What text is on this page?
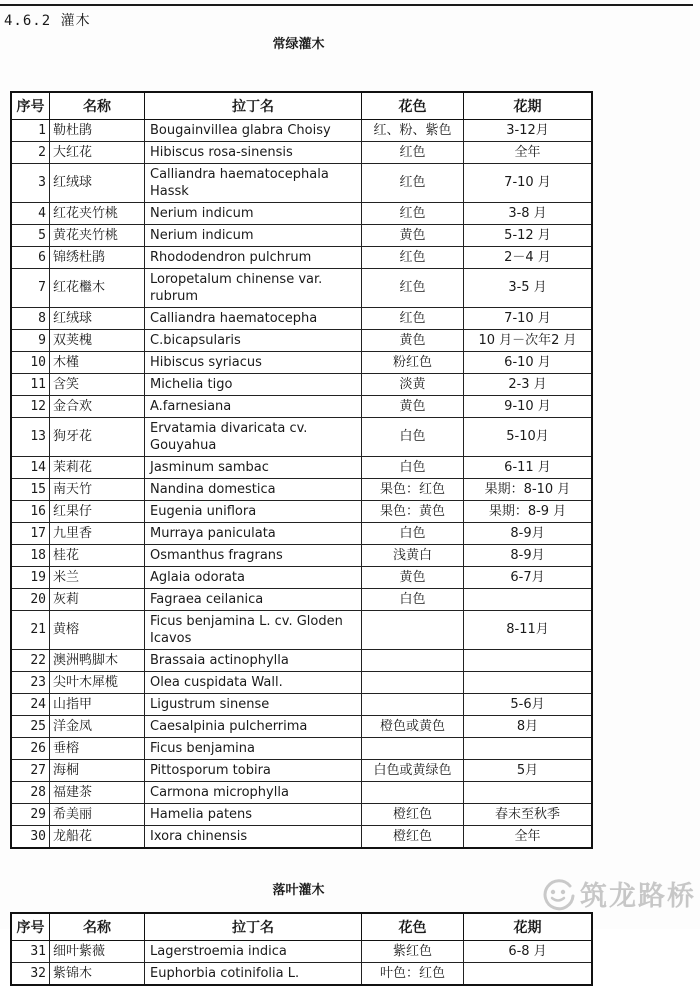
4.6.2 灌木
常绿灌木
序号	名称	拉丁名	花色	花期
1	勒杜鹃	Bougainvillea glabra Choisy	红、粉、紫色	3-12月
2	大红花	Hibiscus rosa-sinensis	红色	全年
3	红绒球	Calliandra haematocephala Hassk	红色	7-10 月
4	红花夹竹桃	Nerium indicum	红色	3-8 月
5	黄花夹竹桃	Nerium indicum	黄色	5-12 月
6	锦绣杜鹃	Rhododendron pulchrum	红色	2－4 月
7	红花檵木	Loropetalum chinense var. rubrum	红色	3-5 月
8	红绒球	Calliandra haematocepha	红色	7-10 月
9	双荚槐	C.bicapsularis	黄色	10 月－次年2 月
10	木槿	Hibiscus syriacus	粉红色	6-10 月
11	含笑	Michelia tigo	淡黄	2-3 月
12	金合欢	A.farnesiana	黄色	9-10 月
13	狗牙花	Ervatamia divaricata cv. Gouyahua	白色	5-10月
14	茉莉花	Jasminum sambac	白色	6-11 月
15	南天竹	Nandina domestica	果色：红色	果期：8-10 月
16	红果仔	Eugenia uniflora	果色：黄色	果期：8-9 月
17	九里香	Murraya paniculata	白色	8-9月
18	桂花	Osmanthus fragrans	浅黄白	8-9月
19	米兰	Aglaia odorata	黄色	6-7月
20	灰莉	Fagraea ceilanica	白色	
21	黄榕	Ficus benjamina L. cv. Gloden Icavos		8-11月
22	澳洲鸭脚木	Brassaia actinophylla		
23	尖叶木犀榄	Olea cuspidata Wall.		
24	山指甲	Ligustrum sinense		5-6月
25	洋金凤	Caesalpinia pulcherrima	橙色或黄色	8月
26	垂榕	Ficus benjamina		
27	海桐	Pittosporum tobira	白色或黄绿色	5月
28	福建茶	Carmona microphylla		
29	希美丽	Hamelia patens	橙红色	春末至秋季
30	龙船花	Ixora chinensis	橙红色	全年
落叶灌木
序号	名称	拉丁名	花色	花期
31	细叶紫薇	Lagerstroemia indica	紫红色	6-8 月
32	紫锦木	Euphorbia cotinifolia L.	叶色：红色	
筑龙路桥
